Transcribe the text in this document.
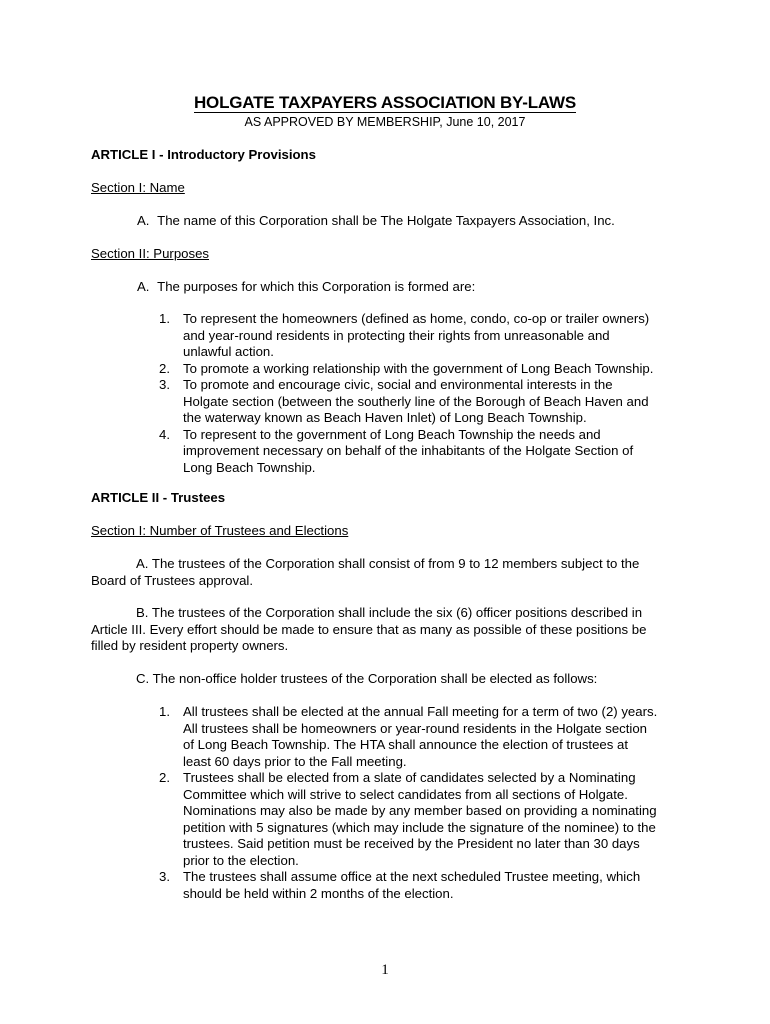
HOLGATE TAXPAYERS ASSOCIATION BY-LAWS
AS APPROVED BY MEMBERSHIP, June 10, 2017
ARTICLE I - Introductory Provisions
Section I: Name
A. The name of this Corporation shall be The Holgate Taxpayers Association, Inc.
Section II: Purposes
A. The purposes for which this Corporation is formed are:
1. To represent the homeowners (defined as home, condo, co-op or trailer owners)
and year-round residents in protecting their rights from unreasonable and
unlawful action.
2. To promote a working relationship with the government of Long Beach Township.
3. To promote and encourage civic, social and environmental interests in the
Holgate section (between the southerly line of the Borough of Beach Haven and
the waterway known as Beach Haven Inlet) of Long Beach Township.
4. To represent to the government of Long Beach Township the needs and
improvement necessary on behalf of the inhabitants of the Holgate Section of
Long Beach Township.
ARTICLE II - Trustees
Section I: Number of Trustees and Elections
A. The trustees of the Corporation shall consist of from 9 to 12 members subject to the
Board of Trustees approval.
B. The trustees of the Corporation shall include the six (6) officer positions described in
Article III. Every effort should be made to ensure that as many as possible of these positions be
filled by resident property owners.
C. The non-office holder trustees of the Corporation shall be elected as follows:
1. All trustees shall be elected at the annual Fall meeting for a term of two (2) years.
All trustees shall be homeowners or year-round residents in the Holgate section
of Long Beach Township. The HTA shall announce the election of trustees at
least 60 days prior to the Fall meeting.
2. Trustees shall be elected from a slate of candidates selected by a Nominating
Committee which will strive to select candidates from all sections of Holgate.
Nominations may also be made by any member based on providing a nominating
petition with 5 signatures (which may include the signature of the nominee) to the
trustees. Said petition must be received by the President no later than 30 days
prior to the election.
3. The trustees shall assume office at the next scheduled Trustee meeting, which
should be held within 2 months of the election.
1
